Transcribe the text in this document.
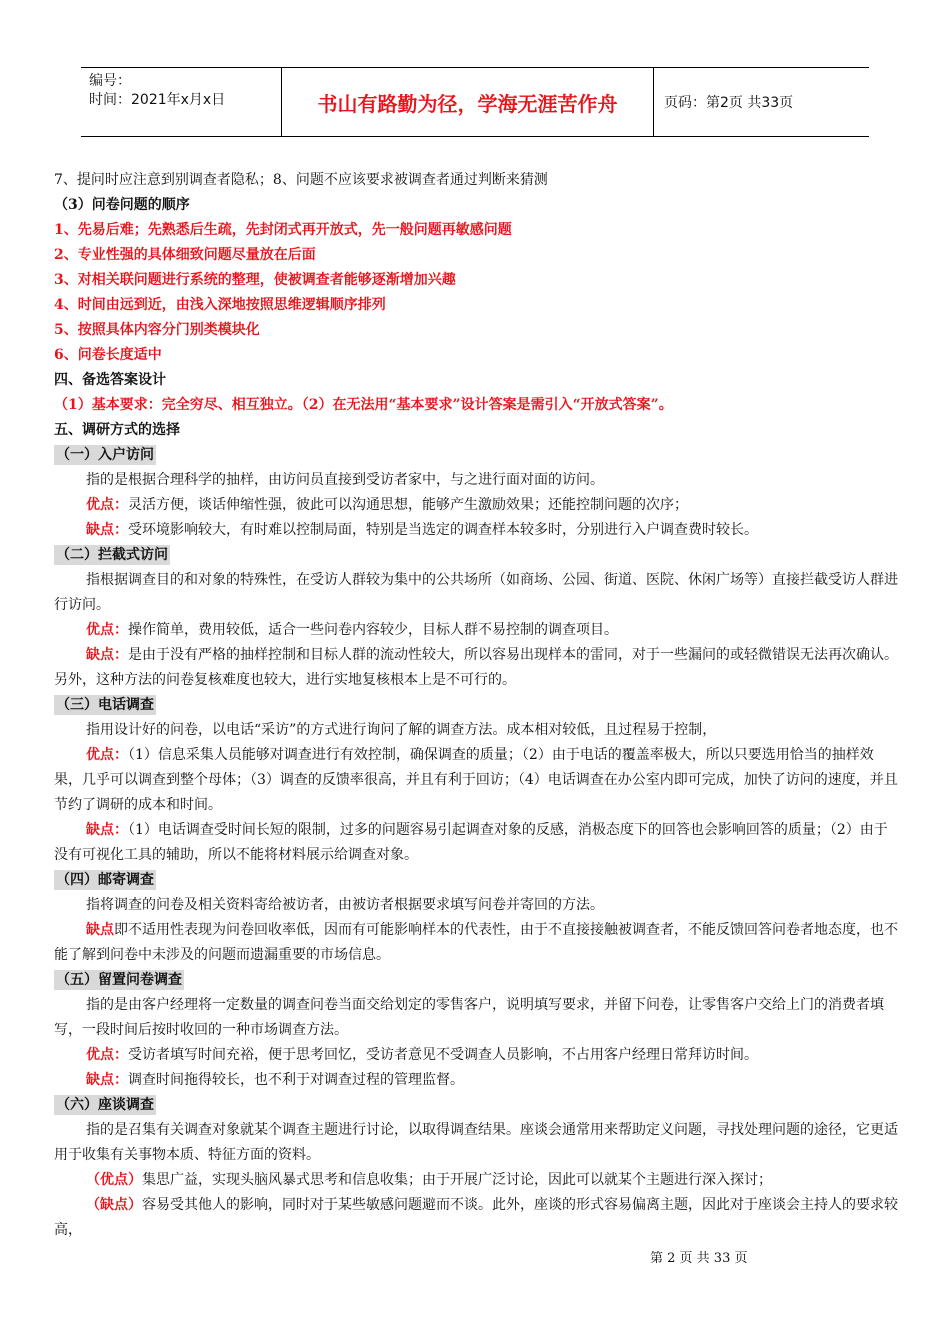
编号：
时间：2021年x月x日	书山有路勤为径，学海无涯苦作舟	页码：第2页 共33页

7、提问时应注意到别调查者隐私；8、问题不应该要求被调查者通过判断来猜测

（3）问卷问题的顺序

1、先易后难；先熟悉后生疏，先封闭式再开放式，先一般问题再敏感问题

2、专业性强的具体细致问题尽量放在后面

3、对相关联问题进行系统的整理，使被调查者能够逐渐增加兴趣

4、时间由远到近，由浅入深地按照思维逻辑顺序排列

5、按照具体内容分门别类模块化

6、问卷长度适中

四、备选答案设计

（1）基本要求：完全穷尽、相互独立。（2）在无法用“基本要求”设计答案是需引入“开放式答案”。

五、调研方式的选择

（一）入户访问

指的是根据合理科学的抽样，由访问员直接到受访者家中，与之进行面对面的访问。

优点：灵活方便，谈话伸缩性强，彼此可以沟通思想，能够产生激励效果；还能控制问题的次序；

缺点：受环境影响较大，有时难以控制局面，特别是当选定的调查样本较多时，分别进行入户调查费时较长。

（二）拦截式访问

指根据调查目的和对象的特殊性，在受访人群较为集中的公共场所（如商场、公园、街道、医院、休闲广场等）直接拦截受访人群进行访问。

优点：操作简单，费用较低，适合一些问卷内容较少，目标人群不易控制的调查项目。

缺点：是由于没有严格的抽样控制和目标人群的流动性较大，所以容易出现样本的雷同，对于一些漏问的或轻微错误无法再次确认。另外，这种方法的问卷复核难度也较大，进行实地复核根本上是不可行的。

（三）电话调查

指用设计好的问卷，以电话“采访”的方式进行询问了解的调查方法。成本相对较低，且过程易于控制，

优点：（1）信息采集人员能够对调查进行有效控制，确保调查的质量；（2）由于电话的覆盖率极大，所以只要选用恰当的抽样效果，几乎可以调查到整个母体；（3）调查的反馈率很高，并且有利于回访；（4）电话调查在办公室内即可完成，加快了访问的速度，并且节约了调研的成本和时间。

缺点：（1）电话调查受时间长短的限制，过多的问题容易引起调查对象的反感，消极态度下的回答也会影响回答的质量；（2）由于没有可视化工具的辅助，所以不能将材料展示给调查对象。

（四）邮寄调查

指将调查的问卷及相关资料寄给被访者，由被访者根据要求填写问卷并寄回的方法。

缺点即不适用性表现为问卷回收率低，因而有可能影响样本的代表性，由于不直接接触被调查者，不能反馈回答问卷者地态度，也不能了解到问卷中未涉及的问题而遗漏重要的市场信息。

（五）留置问卷调查

指的是由客户经理将一定数量的调查问卷当面交给划定的零售客户，说明填写要求，并留下问卷，让零售客户交给上门的消费者填写，一段时间后按时收回的一种市场调查方法。

优点：受访者填写时间充裕，便于思考回忆，受访者意见不受调查人员影响，不占用客户经理日常拜访时间。

缺点：调查时间拖得较长，也不利于对调查过程的管理监督。

（六）座谈调查

指的是召集有关调查对象就某个调查主题进行讨论，以取得调查结果。座谈会通常用来帮助定义问题，寻找处理问题的途径，它更适用于收集有关事物本质、特征方面的资料。

（优点）集思广益，实现头脑风暴式思考和信息收集；由于开展广泛讨论，因此可以就某个主题进行深入探讨；

（缺点）容易受其他人的影响，同时对于某些敏感问题避而不谈。此外，座谈的形式容易偏离主题，因此对于座谈会主持人的要求较高，

第 2 页 共 33 页
